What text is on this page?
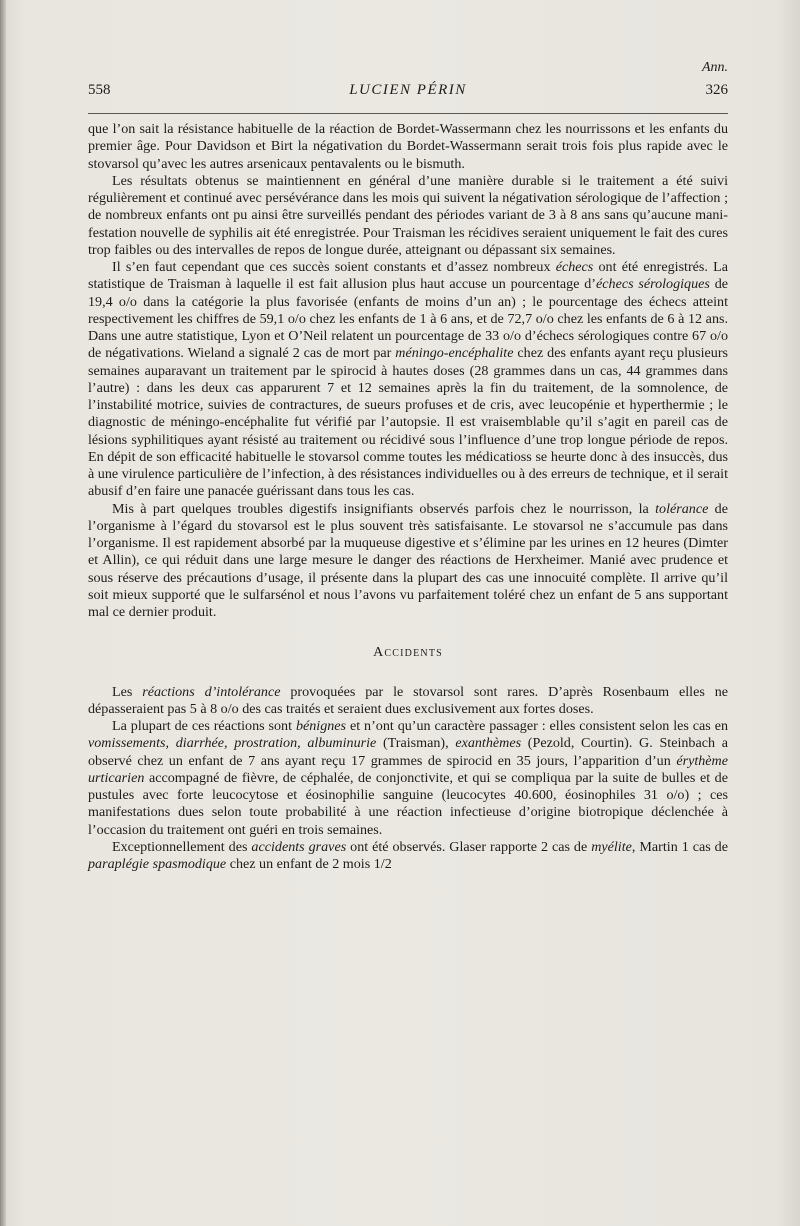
Ann.
558	LUCIEN PÉRIN	326

que l’on sait la résistance habituelle de la réaction de Bordet-Wassermann chez les nourrissons et les enfants du premier âge. Pour Davidson et Birt la négativation du Bordet-Wassermann serait trois fois plus rapide avec le stovarsol qu’avec les autres arsenicaux pentavalents ou le bismuth.

Les résultats obtenus se maintiennent en général d’une manière durable si le traitement a été suivi régulièrement et continué avec persévérance dans les mois qui suivent la négativation sérologique de l’affection ; de nombreux enfants ont pu ainsi être surveillés pendant des périodes variant de 3 à 8 ans sans qu’aucune manifestation nouvelle de syphilis ait été enregistrée. Pour Traisman les récidives seraient uniquement le fait des cures trop faibles ou des intervalles de repos de longue durée, atteignant ou dépassant six semaines.

Il s’en faut cependant que ces succès soient constants et d’assez nombreux échecs ont été enregistrés. La statistique de Traisman à laquelle il est fait allusion plus haut accuse un pourcentage d’échecs sérologiques de 19,4 o/o dans la catégorie la plus favorisée (enfants de moins d’un an) ; le pourcentage des échecs atteint respectivement les chiffres de 59,1 o/o chez les enfants de 1 à 6 ans, et de 72,7 o/o chez les enfants de 6 à 12 ans. Dans une autre statistique, Lyon et O’Neil relatent un pourcentage de 33 o/o d’échecs sérologiques contre 67 o/o de négativations. Wieland a signalé 2 cas de mort par méningo-encéphalite chez des enfants ayant reçu plusieurs semaines auparavant un traitement par le spirocid à hautes doses (28 grammes dans un cas, 44 grammes dans l’autre) : dans les deux cas apparurent 7 et 12 semaines après la fin du traitement, de la somnolence, de l’instabilité motrice, suivies de contractures, de sueurs profuses et de cris, avec leucopénie et hyperthermie ; le diagnostic de méningo-encéphalite fut vérifié par l’autopsie. Il est vraisemblable qu’il s’agit en pareil cas de lésions syphilitiques ayant résisté au traitement ou récidivé sous l’influence d’une trop longue période de repos. En dépit de son efficacité habituelle le stovarsol comme toutes les médicatioss se heurte donc à des insuccès, dus à une virulence particulière de l’infection, à des résistances individuelles ou à des erreurs de technique, et il serait abusif d’en faire une panacée guérissant dans tous les cas.

Mis à part quelques troubles digestifs insignifiants observés parfois chez le nourrisson, la tolérance de l’organisme à l’égard du stovarsol est le plus souvent très satisfaisante. Le stovarsol ne s’accumule pas dans l’organisme. Il est rapidement absorbé par la muqueuse digestive et s’élimine par les urines en 12 heures (Dimter et Allin), ce qui réduit dans une large mesure le danger des réactions de Herxheimer. Manié avec prudence et sous réserve des précautions d’usage, il présente dans la plupart des cas une innocuité complète. Il arrive qu’il soit mieux supporté que le sulfarsénol et nous l’avons vu parfaitement toléré chez un enfant de 5 ans supportant mal ce dernier produit.

Accidents

Les réactions d’intolérance provoquées par le stovarsol sont rares. D’après Rosenbaum elles ne dépasseraient pas 5 à 8 o/o des cas traités et seraient dues exclusivement aux fortes doses.

La plupart de ces réactions sont bénignes et n’ont qu’un caractère passager : elles consistent selon les cas en vomissements, diarrhée, prostration, albuminurie (Traisman), exanthèmes (Pezold, Courtin). G. Steinbach a observé chez un enfant de 7 ans ayant reçu 17 grammes de spirocid en 35 jours, l’apparition d’un érythème urticarien accompagné de fièvre, de céphalée, de conjonctivite, et qui se compliqua par la suite de bulles et de pustules avec forte leucocytose et éosinophilie sanguine (leucocytes 40.600, éosinophiles 31 o/o) ; ces manifestations dues selon toute probabilité à une réaction infectieuse d’origine biotropique déclenchée à l’occasion du traitement ont guéri en trois semaines.

Exceptionnellement des accidents graves ont été observés. Glaser rapporte 2 cas de myélite, Martin 1 cas de paraplégie spasmodique chez un enfant de 2 mois 1/2
